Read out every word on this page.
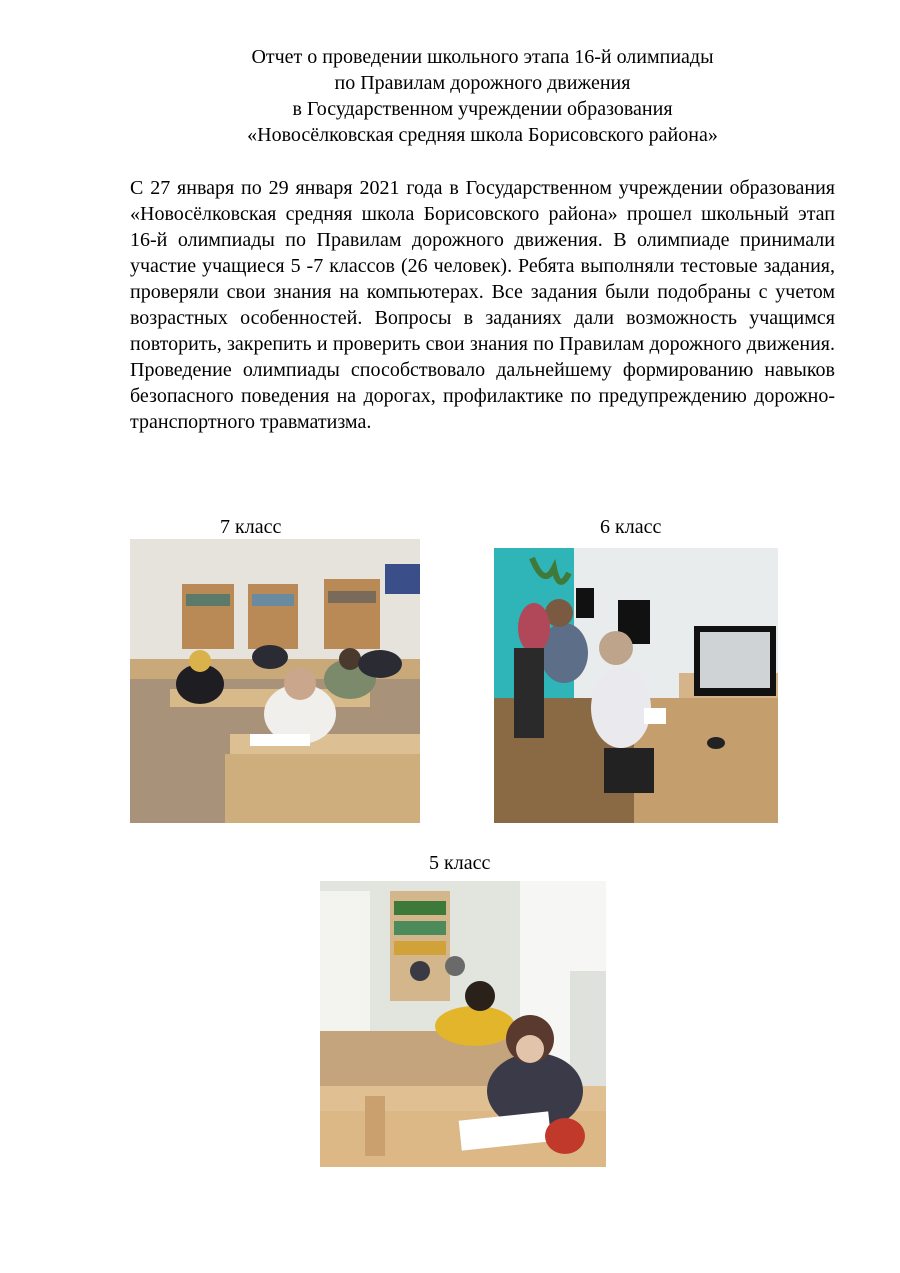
Отчет о проведении школьного этапа 16-й олимпиады
по Правилам дорожного движения
в Государственном учреждении образования
«Новосёлковская средняя школа Борисовского района»
С 27 января по 29 января 2021 года в Государственном учреждении образования «Новосёлковская средняя школа Борисовского района» прошел школьный этап 16-й олимпиады по Правилам дорожного движения. В олимпиаде принимали участие учащиеся 5 -7 классов (26 человек). Ребята выполняли тестовые задания, проверяли свои знания на компьютерах. Все задания были подобраны с учетом возрастных особенностей. Вопросы в заданиях дали возможность учащимся повторить, закрепить и проверить свои знания по Правилам дорожного движения. Проведение олимпиады способствовало дальнейшему формированию навыков безопасного поведения на дорогах, профилактике по предупреждению дорожно-транспортного травматизма.
7 класс	6 класс
5 класс
